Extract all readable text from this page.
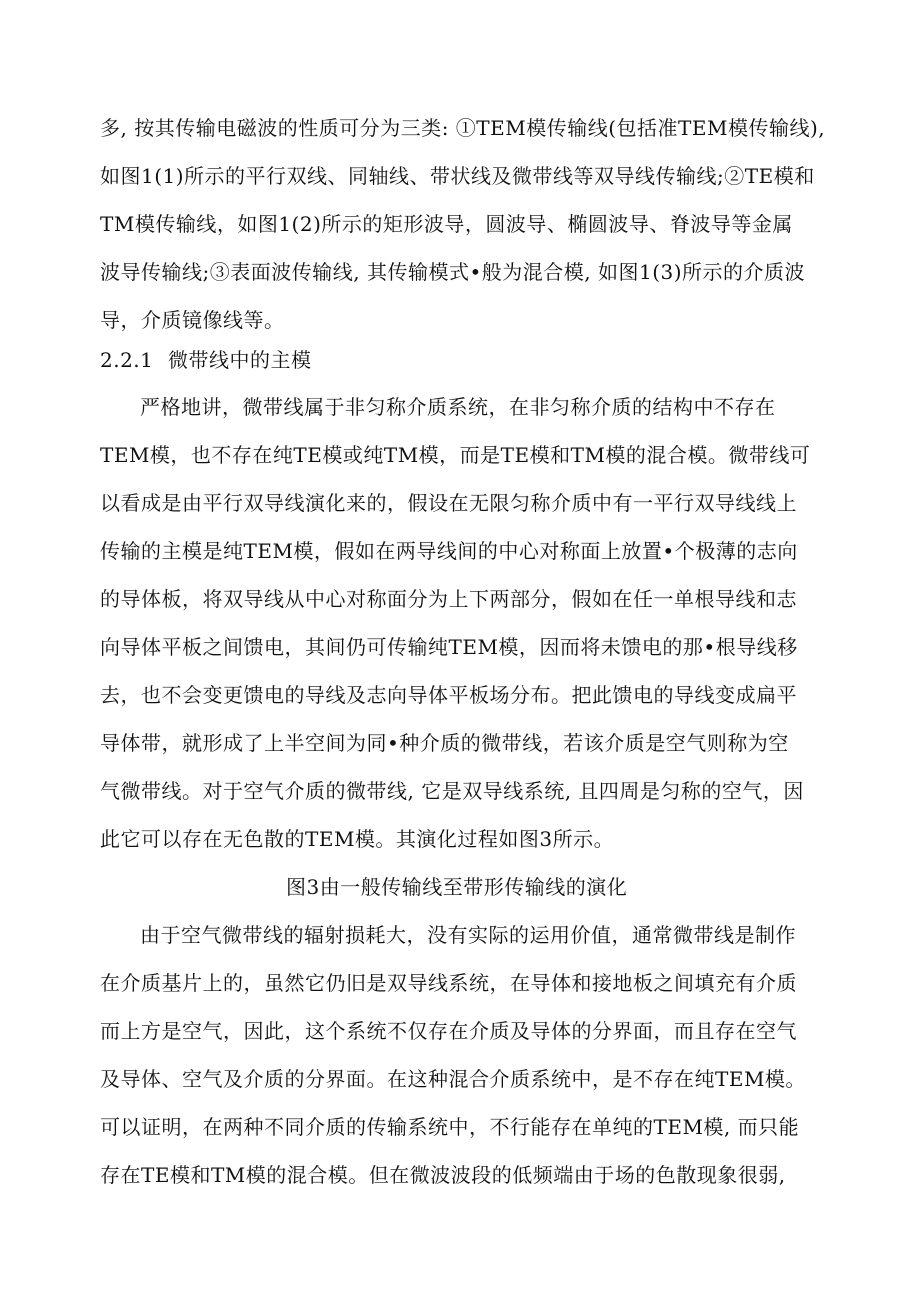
多, 按其传输电磁波的性质可分为三类: ①TEM模传输线(包括准TEM模传输线),
如图1(1)所示的平行双线、同轴线、带状线及微带线等双导线传输线;②TE模和
TM模传输线，如图1(2)所示的矩形波导，圆波导、椭圆波导、脊波导等金属
波导传输线;③表面波传输线, 其传输模式•般为混合模, 如图1(3)所示的介质波
导，介质镜像线等。
2.2.1 微带线中的主模
严格地讲，微带线属于非匀称介质系统，在非匀称介质的结构中不存在
TEM模，也不存在纯TE模或纯TM模，而是TE模和TM模的混合模。微带线可
以看成是由平行双导线演化来的，假设在无限匀称介质中有一平行双导线线上
传输的主模是纯TEM模，假如在两导线间的中心对称面上放置•个极薄的志向
的导体板，将双导线从中心对称面分为上下两部分，假如在任一单根导线和志
向导体平板之间馈电，其间仍可传输纯TEM模，因而将未馈电的那•根导线移
去，也不会变更馈电的导线及志向导体平板场分布。把此馈电的导线变成扁平
导体带，就形成了上半空间为同•种介质的微带线，若该介质是空气则称为空
气微带线。对于空气介质的微带线, 它是双导线系统, 且四周是匀称的空气，因
此它可以存在无色散的TEM模。其演化过程如图3所示。
图3由一般传输线至带形传输线的演化
由于空气微带线的辐射损耗大，没有实际的运用价值，通常微带线是制作
在介质基片上的，虽然它仍旧是双导线系统，在导体和接地板之间填充有介质
而上方是空气，因此，这个系统不仅存在介质及导体的分界面，而且存在空气
及导体、空气及介质的分界面。在这种混合介质系统中，是不存在纯TEM模。
可以证明，在两种不同介质的传输系统中，不行能存在单纯的TEM模, 而只能
存在TE模和TM模的混合模。但在微波波段的低频端由于场的色散现象很弱,
